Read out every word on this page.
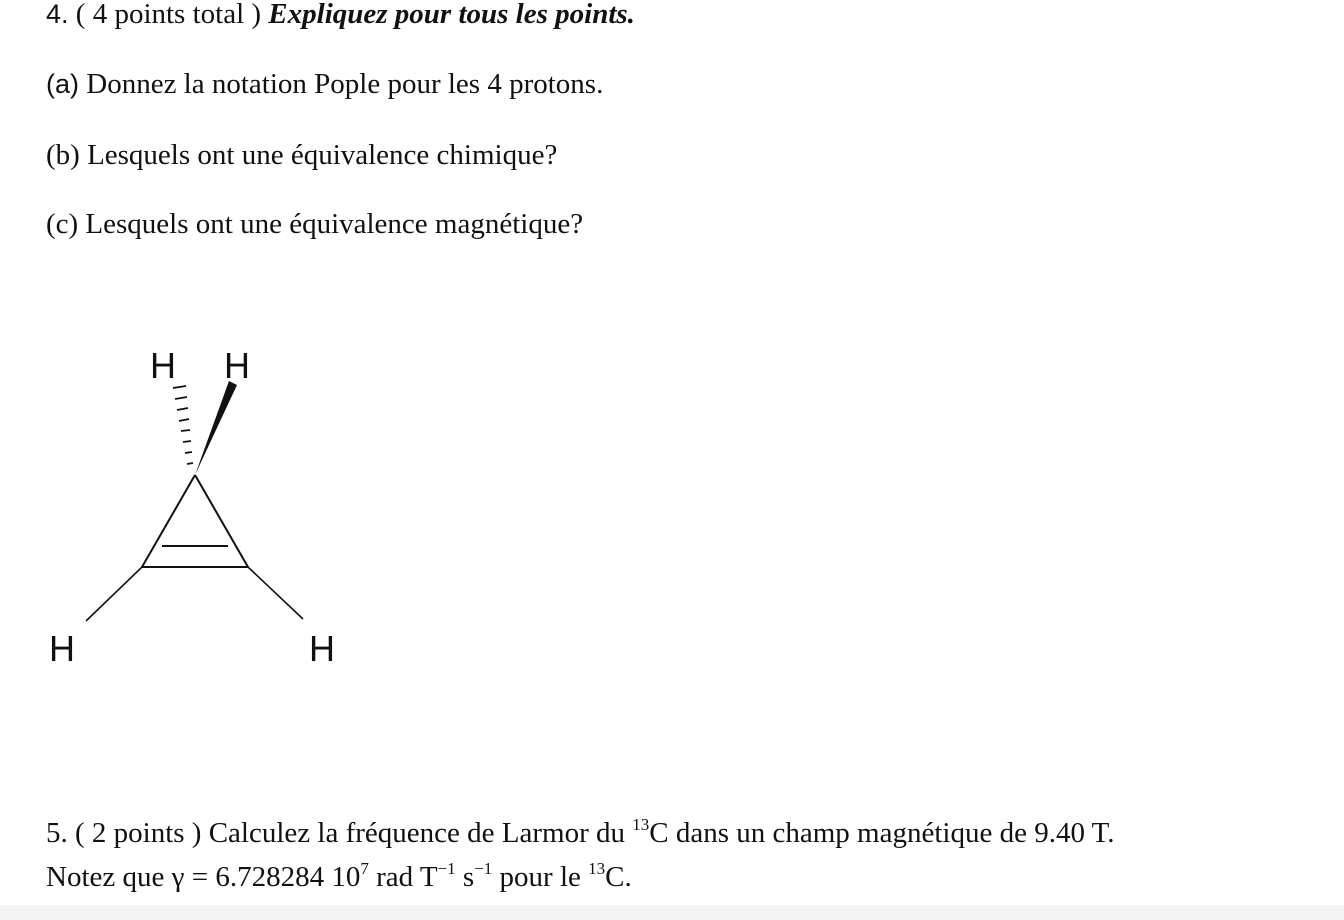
4. ( 4 points total ) Expliquez pour tous les points.
(a) Donnez la notation Pople pour les 4 protons.
(b) Lesquels ont une équivalence chimique?
(c) Lesquels ont une équivalence magnétique?
H H
H	H
5. ( 2 points ) Calculez la fréquence de Larmor du $^{13}$C dans un champ magnétique de 9.40 T.
Notez que γ = 6.728284 $10^7$ rad $T^{-1}$ $s^{-1}$ pour le $^{13}$C.
